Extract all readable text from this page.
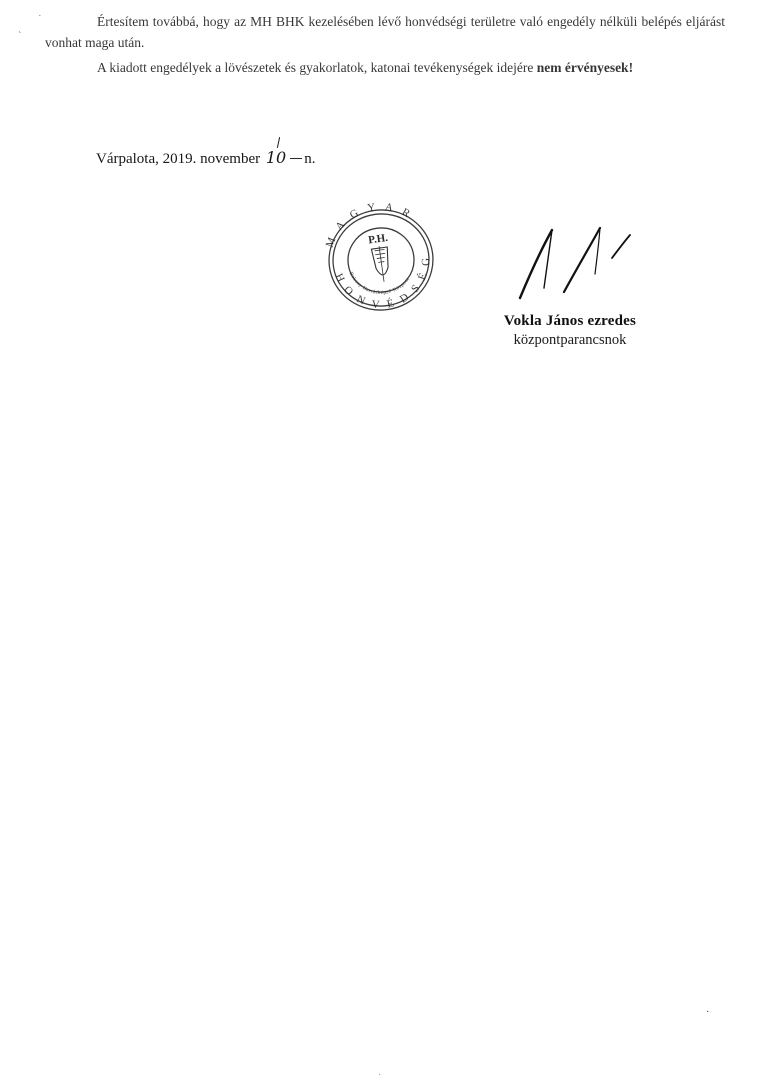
·
`

Értesítem továbbá, hogy az MH BHK kezelésében lévő honvédségi területre való engedély nélküli belépés eljárást vonhat maga után.

A kiadott engedélyek a lövészetek és gyakorlatok, katonai tevékenységek idejére nem érvényesek!

Várpalota, 2019. november 10 n.
M A G Y A R
H O N V É D S É G
Bakony Harckiképző Központ
P.H.
Vokla János ezredes
központparancsnok
·
·
